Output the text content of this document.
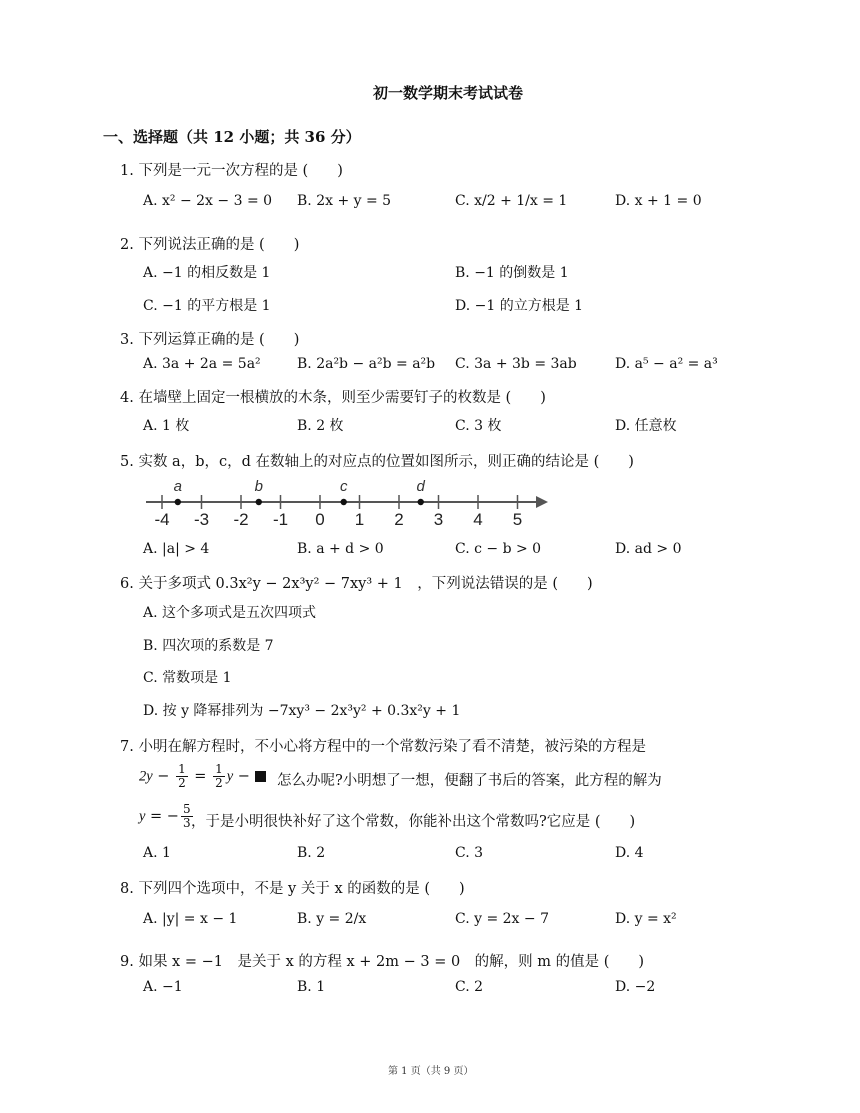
初一数学期末考试试卷
一、选择题（共 12 小题；共 36 分）
1. 下列是一元一次方程的是 (　　)
A. x² − 2x − 3 = 0 B. 2x + y = 5	C. x/2 + 1/x = 1	D. x + 1 = 0
2. 下列说法正确的是 (　　)
A. −1 的相反数是 1	B. −1 的倒数是 1
C. −1 的平方根是 1	D. −1 的立方根是 1
3. 下列运算正确的是 (　　)
A. 3a + 2a = 5a²	B. 2a²b − a²b = a²b C. 3a + 3b = 3ab	D. a⁵ − a² = a³
4. 在墙壁上固定一根横放的木条，则至少需要钉子的枚数是 (　　)
A. 1 枚	B. 2 枚	C. 3 枚	D. 任意枚
5. 实数 a，b，c，d 在数轴上的对应点的位置如图所示，则正确的结论是 (　　)
-4 -3 -2 -1 0 1 2 3 4 5
a	b	c	d
A. |a| > 4	B. a + d > 0	C. c − b > 0	D. ad > 0
6. 关于多项式 0.3x²y − 2x³y² − 7xy³ + 1　，下列说法错误的是 (　　)
A. 这个多项式是五次四项式
B. 四次项的系数是 7
C. 常数项是 1
D. 按 y 降幂排列为 −7xy³ − 2x³y² + 0.3x²y + 1
7. 小明在解方程时，不小心将方程中的一个常数污染了看不清楚，被污染的方程是
$2y - \frac{1}{2} = \frac{1}{2}$ y −	怎么办呢?小明想了一想，便翻了书后的答案，此方程的解为
y = − $\frac{5}{3}$
，于是小明很快补好了这个常数，你能补出这个常数吗?它应是 (　　)
A. 1	B. 2	C. 3	D. 4
8. 下列四个选项中，不是 y 关于 x 的函数的是 (　　)
A. |y| = x − 1	B. y = 2/x	C. y = 2x − 7	D. y = x²
9. 如果 x = −1　是关于 x 的方程 x + 2m − 3 = 0　的解，则 m 的值是 (　　)
A. −1	B. 1	C. 2	D. −2
第 1 页（共 9 页）
